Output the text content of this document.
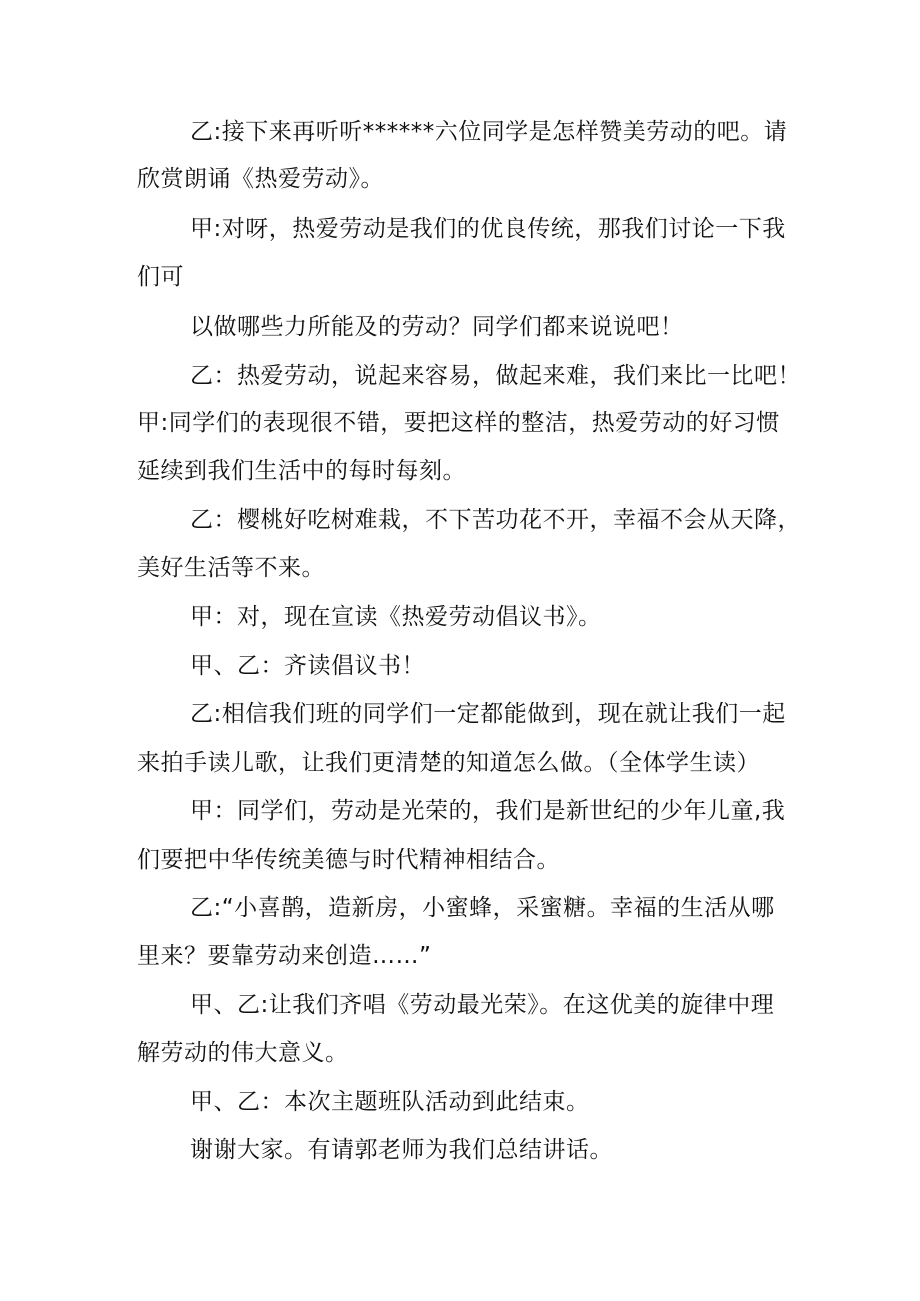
乙:接下来再听听******六位同学是怎样赞美劳动的吧。请
欣赏朗诵《热爱劳动》。
甲:对呀，热爱劳动是我们的优良传统，那我们讨论一下我
们可
以做哪些力所能及的劳动？同学们都来说说吧！
乙：热爱劳动，说起来容易，做起来难，我们来比一比吧！
甲:同学们的表现很不错，要把这样的整洁，热爱劳动的好习惯
延续到我们生活中的每时每刻。
乙：樱桃好吃树难栽，不下苦功花不开，幸福不会从天降，
美好生活等不来。
甲：对，现在宣读《热爱劳动倡议书》。
甲、乙：齐读倡议书！
乙:相信我们班的同学们一定都能做到，现在就让我们一起
来拍手读儿歌，让我们更清楚的知道怎么做。（全体学生读）
甲：同学们，劳动是光荣的，我们是新世纪的少年儿童,我
们要把中华传统美德与时代精神相结合。
乙:“小喜鹊，造新房，小蜜蜂，采蜜糖。幸福的生活从哪
里来？要靠劳动来创造……”
甲、乙:让我们齐唱《劳动最光荣》。在这优美的旋律中理
解劳动的伟大意义。
甲、乙：本次主题班队活动到此结束。
谢谢大家。有请郭老师为我们总结讲话。
